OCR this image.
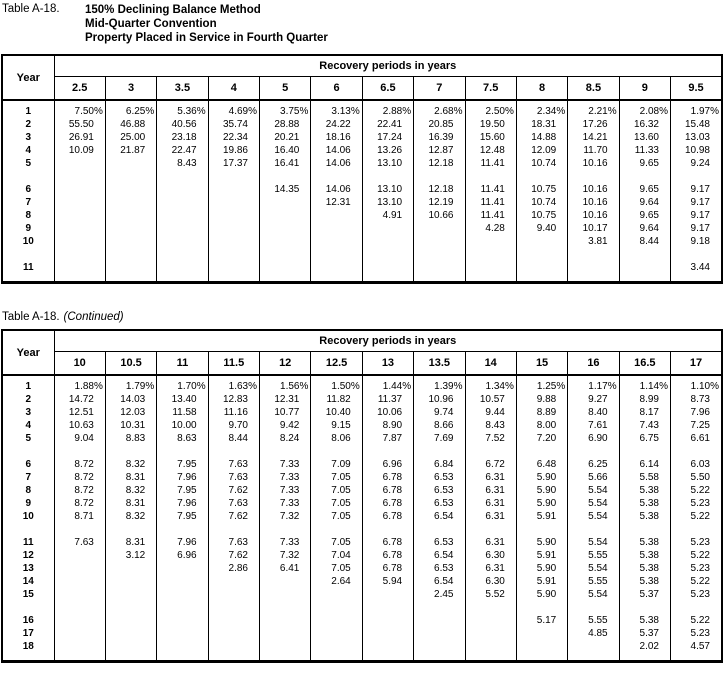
Table A-18.	150% Declining Balance Method
Mid-Quarter Convention
Property Placed in Service in Fourth Quarter
Year	Recovery periods in years												
	2.5	3	3.5	4	5	6	6.5	7	7.5	8	8.5	9	9.5
1	7.50%	6.25%	5.36%	4.69%	3.75%	3.13%	2.88%	2.68%	2.50%	2.34%	2.21%	2.08%	1.97%
2	55.50	46.88	40.56	35.74	28.88	24.22	22.41	20.85	19.50	18.31	17.26	16.32	15.48
3	26.91	25.00	23.18	22.34	20.21	18.16	17.24	16.39	15.60	14.88	14.21	13.60	13.03
4	10.09	21.87	22.47	19.86	16.40	14.06	13.26	12.87	12.48	12.09	11.70	11.33	10.98
5			8.43	17.37	16.41	14.06	13.10	12.18	11.41	10.74	10.16	9.65	9.24

6					14.35	14.06	13.10	12.18	11.41	10.75	10.16	9.65	9.17
7						12.31	13.10	12.19	11.41	10.74	10.16	9.64	9.17
8							4.91	10.66	11.41	10.75	10.16	9.65	9.17
9									4.28	9.40	10.17	9.64	9.17
10											3.81	8.44	9.18

11													3.44

Table A-18. (Continued)
Year	Recovery periods in years												
	10	10.5	11	11.5	12	12.5	13	13.5	14	15	16	16.5	17
1	1.88%	1.79%	1.70%	1.63%	1.56%	1.50%	1.44%	1.39%	1.34%	1.25%	1.17%	1.14%	1.10%
2	14.72	14.03	13.40	12.83	12.31	11.82	11.37	10.96	10.57	9.88	9.27	8.99	8.73
3	12.51	12.03	11.58	11.16	10.77	10.40	10.06	9.74	9.44	8.89	8.40	8.17	7.96
4	10.63	10.31	10.00	9.70	9.42	9.15	8.90	8.66	8.43	8.00	7.61	7.43	7.25
5	9.04	8.83	8.63	8.44	8.24	8.06	7.87	7.69	7.52	7.20	6.90	6.75	6.61

6	8.72	8.32	7.95	7.63	7.33	7.09	6.96	6.84	6.72	6.48	6.25	6.14	6.03
7	8.72	8.31	7.96	7.63	7.33	7.05	6.78	6.53	6.31	5.90	5.66	5.58	5.50
8	8.72	8.32	7.95	7.62	7.33	7.05	6.78	6.53	6.31	5.90	5.54	5.38	5.22
9	8.72	8.31	7.96	7.63	7.33	7.05	6.78	6.53	6.31	5.90	5.54	5.38	5.23
10	8.71	8.32	7.95	7.62	7.32	7.05	6.78	6.54	6.31	5.91	5.54	5.38	5.22

11	7.63	8.31	7.96	7.63	7.33	7.05	6.78	6.53	6.31	5.90	5.54	5.38	5.23
12		3.12	6.96	7.62	7.32	7.04	6.78	6.54	6.30	5.91	5.55	5.38	5.22
13				2.86	6.41	7.05	6.78	6.53	6.31	5.90	5.54	5.38	5.23
14						2.64	5.94	6.54	6.30	5.91	5.55	5.38	5.22
15								2.45	5.52	5.90	5.54	5.37	5.23

16										5.17	5.55	5.38	5.22
17											4.85	5.37	5.23
18												2.02	4.57
